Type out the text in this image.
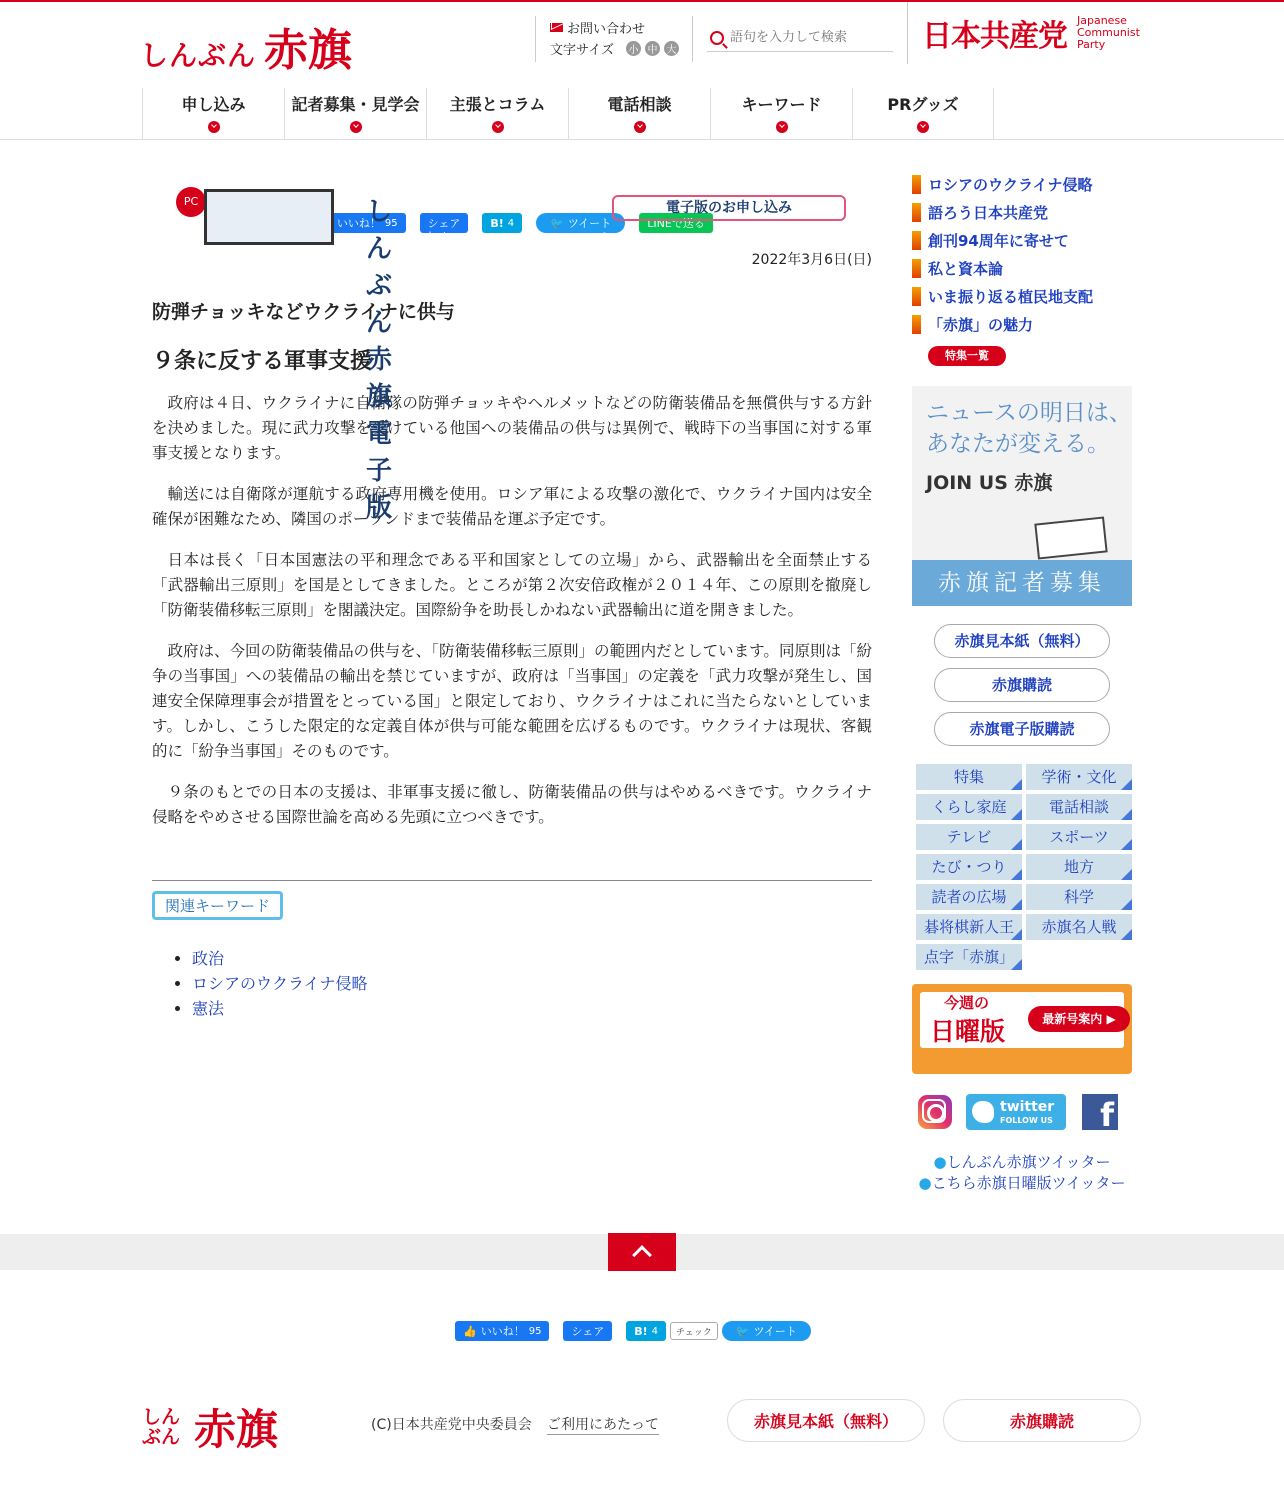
しんぶん 赤旗	お問い合わせ
文字サイズ 小 中 大
語句を入力して検索	日本共産党 Japanese
Communist
Party
申し込み	記者募集・見学会	主張とコラム	電話相談	キーワード	PRグッズ
いいね！ 95	シェア	B! 4	🐦 ツイート	LINEで送る
2022年3月6日(日)
防弾チョッキなどウクライナに供与
９条に反する軍事支援

政府は４日、ウクライナに自衛隊の防弾チョッキやヘルメットなどの防衛装備品を無償供与する方針を決めました。現に武力攻撃を受けている他国への装備品の供与は異例で、戦時下の当事国に対する軍事支援となります。

輸送には自衛隊が運航する政府専用機を使用。ロシア軍による攻撃の激化で、ウクライナ国内は安全確保が困難なため、隣国のポーランドまで装備品を運ぶ予定です。

日本は長く「日本国憲法の平和理念である平和国家としての立場」から、武器輸出を全面禁止する「武器輸出三原則」を国是としてきました。ところが第２次安倍政権が２０１４年、この原則を撤廃し「防衛装備移転三原則」を閣議決定。国際紛争を助長しかねない武器輸出に道を開きました。

政府は、今回の防衛装備品の供与を、「防衛装備移転三原則」の範囲内だとしています。同原則は「紛争の当事国」への装備品の輸出を禁じていますが、政府は「当事国」の定義を「武力攻撃が発生し、国連安全保障理事会が措置をとっている国」と限定しており、ウクライナはこれに当たらないとしています。しかし、こうした限定的な定義自体が供与可能な範囲を広げるものです。ウクライナは現状、客観的に「紛争当事国」そのものです。

９条のもとでの日本の支援は、非軍事支援に徹し、防衛装備品の供与はやめるべきです。ウクライナ侵略をやめさせる国際世論を高める先頭に立つべきです。

関連キーワード
• 政治
• ロシアのウクライナ侵略
• 憲法
ロシアのウクライナ侵略
語ろう日本共産党
創刊94周年に寄せて
私と資本論
いま振り返る植民地支配
「赤旗」の魅力
特集一覧
ニュースの明日は、
あなたが変える。
JOIN US 赤旗
赤旗記者募集
赤旗見本紙（無料）
赤旗購読
赤旗電子版購読
特集	学術・文化
くらし家庭	電話相談
テレビ	スポーツ
たび・つり	地方
読者の広場	科学
碁将棋新人王	赤旗名人戦
点字「赤旗」
今週の
日曜版	最新号案内 ▶
twitter
FOLLOW US	f
●しんぶん赤旗ツイッター
●こちら赤旗日曜版ツイッター
👍 いいね！ 95	シェア	B! 4	チェック	🐦 ツイート
しんぶん 赤旗	(C)日本共産党中央委員会 ご利用にあたって	赤旗見本紙（無料）	赤旗購読
